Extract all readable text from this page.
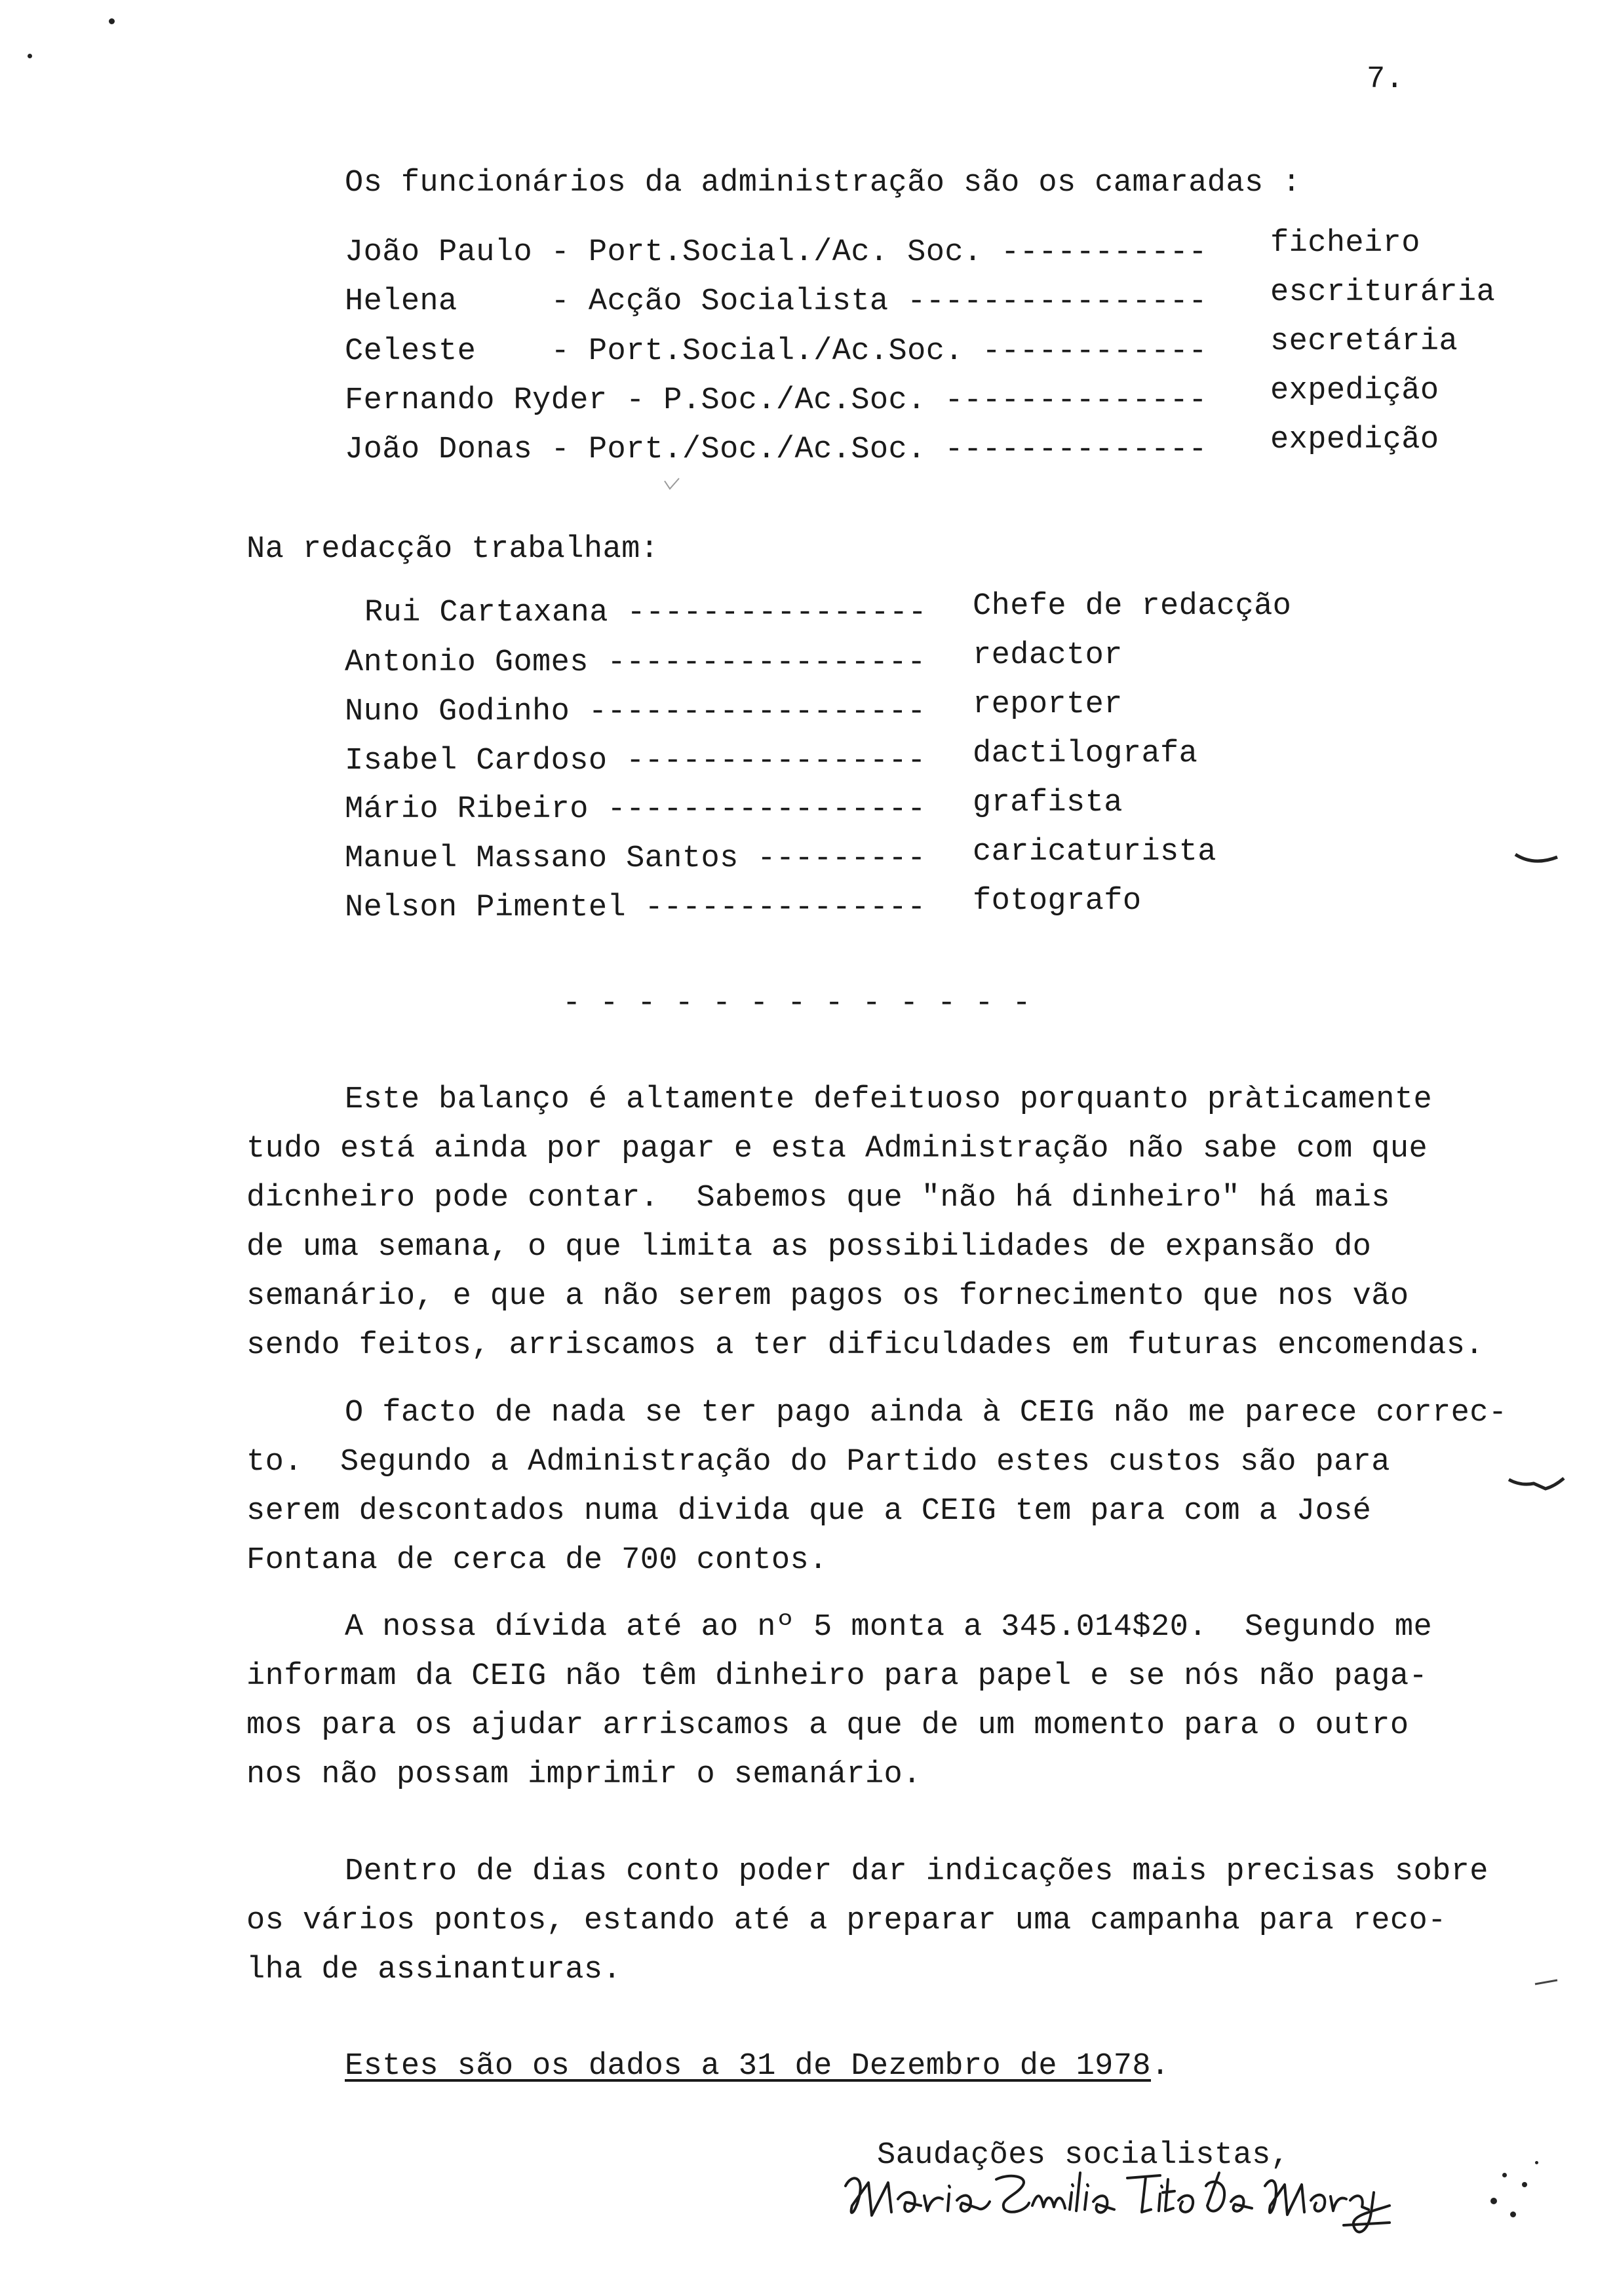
7.
Os funcionários da administração são os camaradas :
João Paulo - Port.Social./Ac. Soc. ----------- ficheiro
Helena     - Acção Socialista ---------------- escriturária
Celeste    - Port.Social./Ac.Soc. ------------ secretária
Fernando Ryder - P.Soc./Ac.Soc. -------------- expedição
João Donas - Port./Soc./Ac.Soc. -------------- expedição
Na redacção trabalham:
Rui Cartaxana ---------------- Chefe de redacção
Antonio Gomes ----------------- redactor
Nuno Godinho ------------------ reporter
Isabel Cardoso ---------------- dactilografa
Mário Ribeiro ----------------- grafista
Manuel Massano Santos --------- caricaturista
Nelson Pimentel --------------- fotografo
- - - - - - - - - - - - -
Este balanço é altamente defeituoso porquanto pràticamente
tudo está ainda por pagar e esta Administração não sabe com que
dicnheiro pode contar.  Sabemos que "não há dinheiro" há mais
de uma semana, o que limita as possibilidades de expansão do
semanário, e que a não serem pagos os fornecimento que nos vão
sendo feitos, arriscamos a ter dificuldades em futuras encomendas.
O facto de nada se ter pago ainda à CEIG não me parece correc-
to.  Segundo a Administração do Partido estes custos são para
serem descontados numa divida que a CEIG tem para com a José
Fontana de cerca de 700 contos.
A nossa dívida até ao nº 5 monta a 345.014$20.  Segundo me
informam da CEIG não têm dinheiro para papel e se nós não paga-
mos para os ajudar arriscamos a que de um momento para o outro
nos não possam imprimir o semanário.
Dentro de dias conto poder dar indicações mais precisas sobre
os vários pontos, estando até a preparar uma campanha para reco-
lha de assinanturas.
Estes são os dados a 31 de Dezembro de 1978.
Saudações socialistas,
